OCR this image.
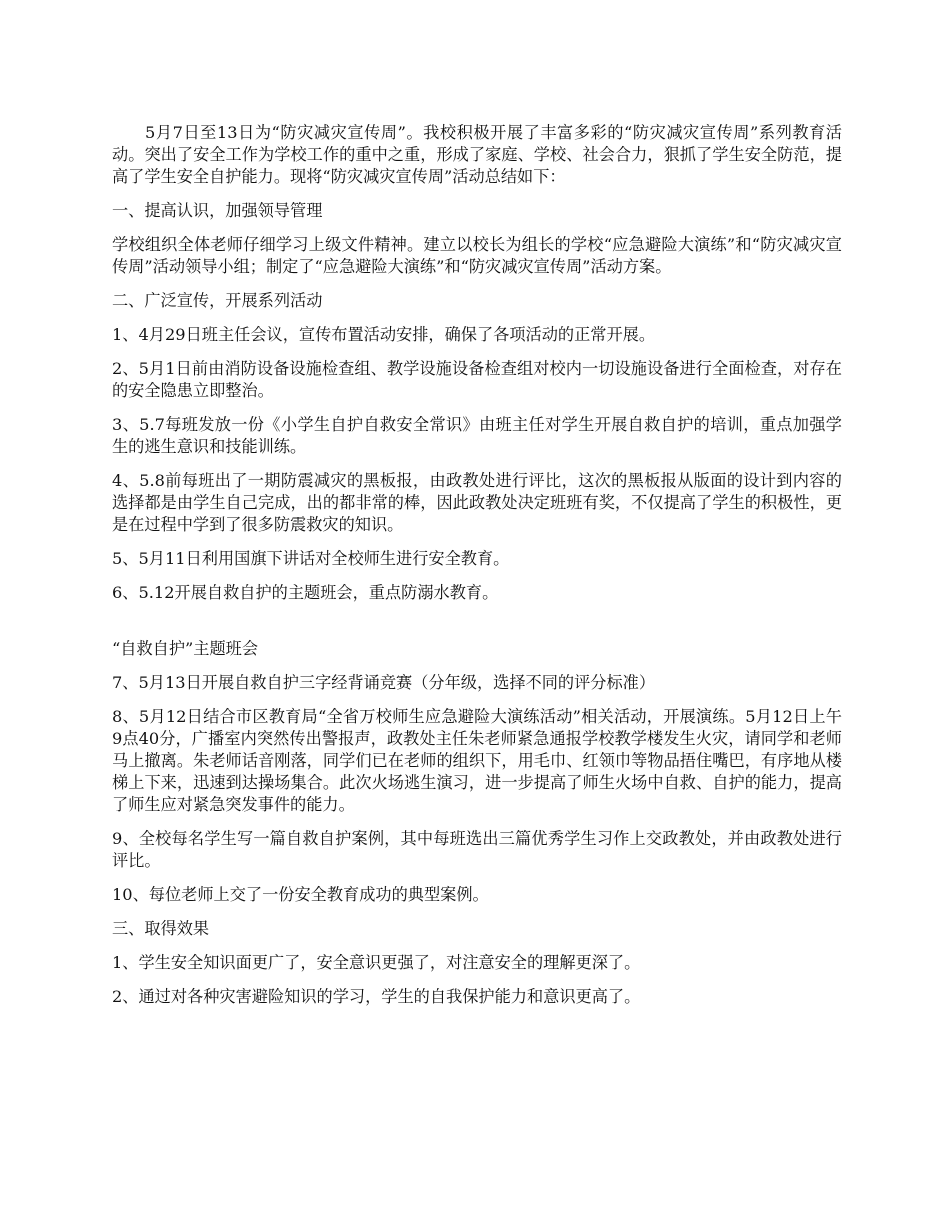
5月7日至13日为“防灾减灾宣传周”。我校积极开展了丰富多彩的“防灾减灾宣传周”系列教育活动。突出了安全工作为学校工作的重中之重，形成了家庭、学校、社会合力，狠抓了学生安全防范，提高了学生安全自护能力。现将“防灾减灾宣传周”活动总结如下：

一、提高认识，加强领导管理

学校组织全体老师仔细学习上级文件精神。建立以校长为组长的学校“应急避险大演练”和“防灾减灾宣传周”活动领导小组；制定了“应急避险大演练”和“防灾减灾宣传周”活动方案。

二、广泛宣传，开展系列活动

1、4月29日班主任会议，宣传布置活动安排，确保了各项活动的正常开展。

2、5月1日前由消防设备设施检查组、教学设施设备检查组对校内一切设施设备进行全面检查，对存在的安全隐患立即整治。

3、5.7每班发放一份《小学生自护自救安全常识》由班主任对学生开展自救自护的培训，重点加强学生的逃生意识和技能训练。

4、5.8前每班出了一期防震减灾的黑板报，由政教处进行评比，这次的黑板报从版面的设计到内容的选择都是由学生自己完成，出的都非常的棒，因此政教处决定班班有奖，不仅提高了学生的积极性，更是在过程中学到了很多防震救灾的知识。

5、5月11日利用国旗下讲话对全校师生进行安全教育。

6、5.12开展自救自护的主题班会，重点防溺水教育。

“自救自护”主题班会

7、5月13日开展自救自护三字经背诵竞赛（分年级，选择不同的评分标准）

8、5月12日结合市区教育局“全省万校师生应急避险大演练活动”相关活动，开展演练。5月12日上午9点40分，广播室内突然传出警报声，政教处主任朱老师紧急通报学校教学楼发生火灾，请同学和老师马上撤离。朱老师话音刚落，同学们已在老师的组织下，用毛巾、红领巾等物品捂住嘴巴，有序地从楼梯上下来，迅速到达操场集合。此次火场逃生演习，进一步提高了师生火场中自救、自护的能力，提高了师生应对紧急突发事件的能力。

9、全校每名学生写一篇自救自护案例，其中每班选出三篇优秀学生习作上交政教处，并由政教处进行评比。

10、每位老师上交了一份安全教育成功的典型案例。

三、取得效果

1、学生安全知识面更广了，安全意识更强了，对注意安全的理解更深了。

2、通过对各种灾害避险知识的学习，学生的自我保护能力和意识更高了。
